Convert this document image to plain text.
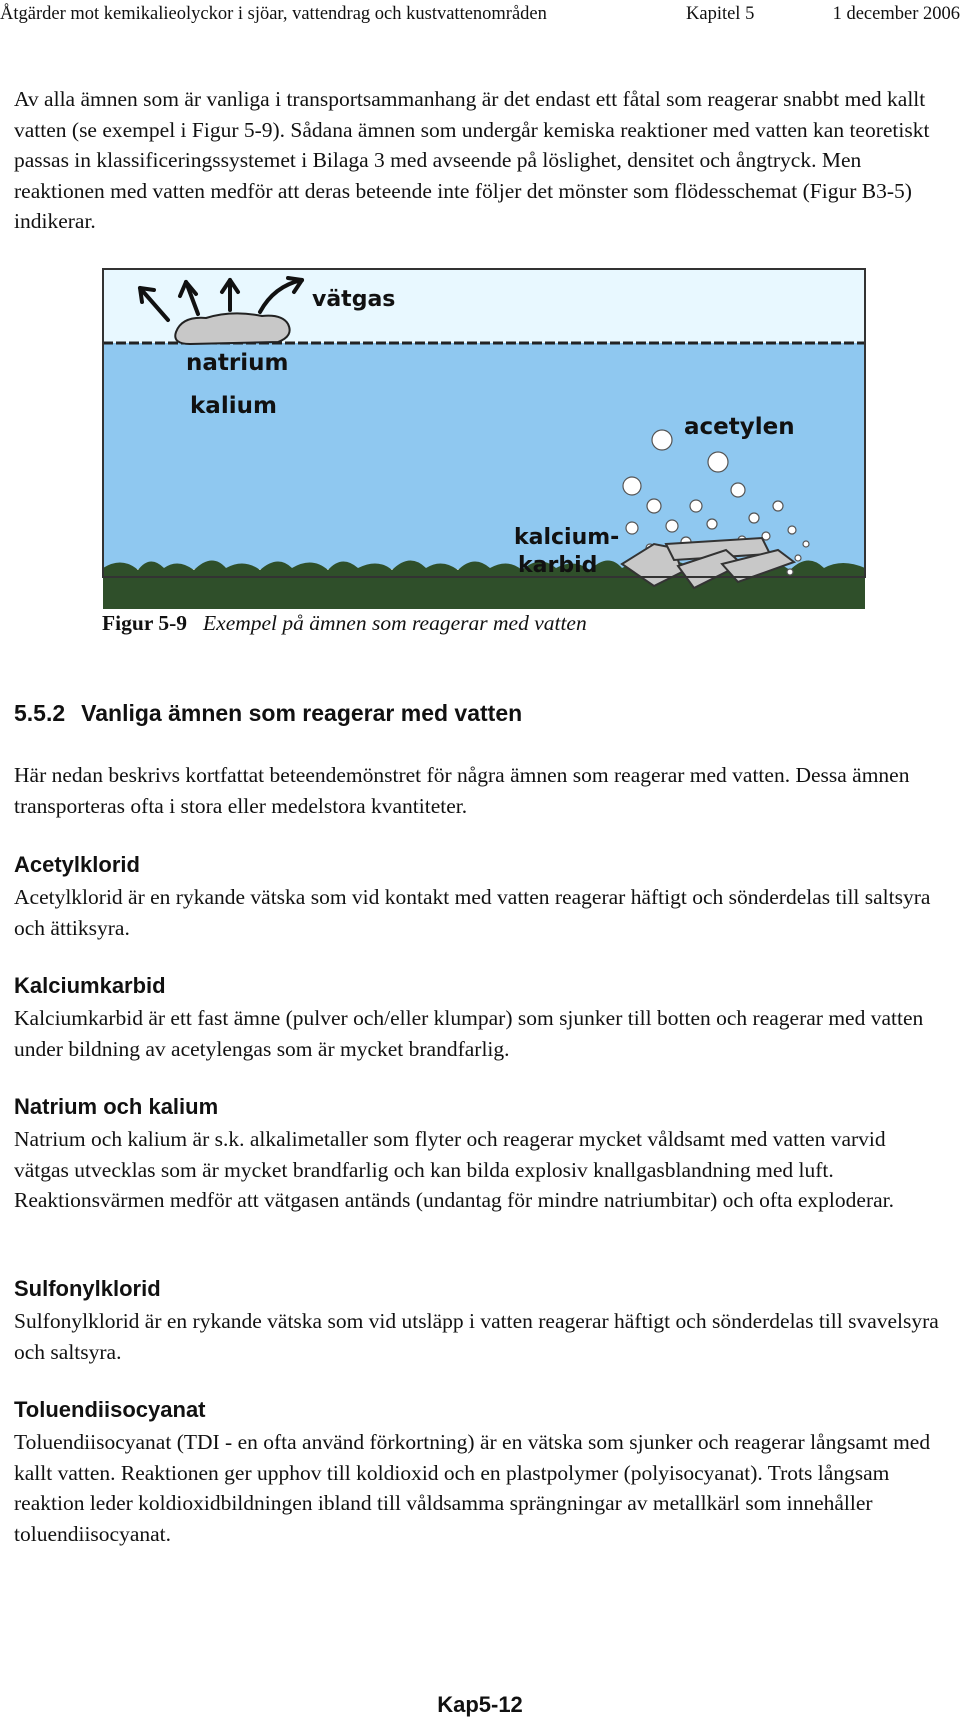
Åtgärder mot kemikalieolyckor i sjöar, vattendrag och kustvattenområden	Kapitel 5	1 december 2006

Av alla ämnen som är vanliga i transportsammanhang är det endast ett fåtal som reagerar snabbt med kallt vatten (se exempel i Figur 5-9). Sådana ämnen som undergår kemiska reaktioner med vatten kan teoretiskt passas in klassificeringssystemet i Bilaga 3 med avseende på löslighet, densitet och ångtryck. Men reaktionen med vatten medför att deras beteende inte följer det mönster som flödesschemat (Figur B3-5) indikerar.

vätgas
natrium
kalium
acetylen
kalcium-
karbid
Figur 5-9 Exempel på ämnen som reagerar med vatten
5.5.2 Vanliga ämnen som reagerar med vatten

Här nedan beskrivs kortfattat beteendemönstret för några ämnen som reagerar med vatten. Dessa ämnen transporteras ofta i stora eller medelstora kvantiteter.

Acetylklorid

Acetylklorid är en rykande vätska som vid kontakt med vatten reagerar häftigt och sönderdelas till saltsyra och ättiksyra.

Kalciumkarbid

Kalciumkarbid är ett fast ämne (pulver och/eller klumpar) som sjunker till botten och reagerar med vatten under bildning av acetylengas som är mycket brandfarlig.

Natrium och kalium

Natrium och kalium är s.k. alkalimetaller som flyter och reagerar mycket våldsamt med vatten varvid vätgas utvecklas som är mycket brandfarlig och kan bilda explosiv knallgasblandning med luft. Reaktionsvärmen medför att vätgasen antänds (undantag för mindre natriumbitar) och ofta exploderar.

Sulfonylklorid

Sulfonylklorid är en rykande vätska som vid utsläpp i vatten reagerar häftigt och sönderdelas till svavelsyra och saltsyra.

Toluendiisocyanat

Toluendiisocyanat (TDI - en ofta använd förkortning) är en vätska som sjunker och reagerar långsamt med kallt vatten. Reaktionen ger upphov till koldioxid och en plastpolymer (polyisocyanat). Trots långsam reaktion leder koldioxidbildningen ibland till våldsamma sprängningar av metallkärl som innehåller toluendiisocyanat.

Kap5-12
